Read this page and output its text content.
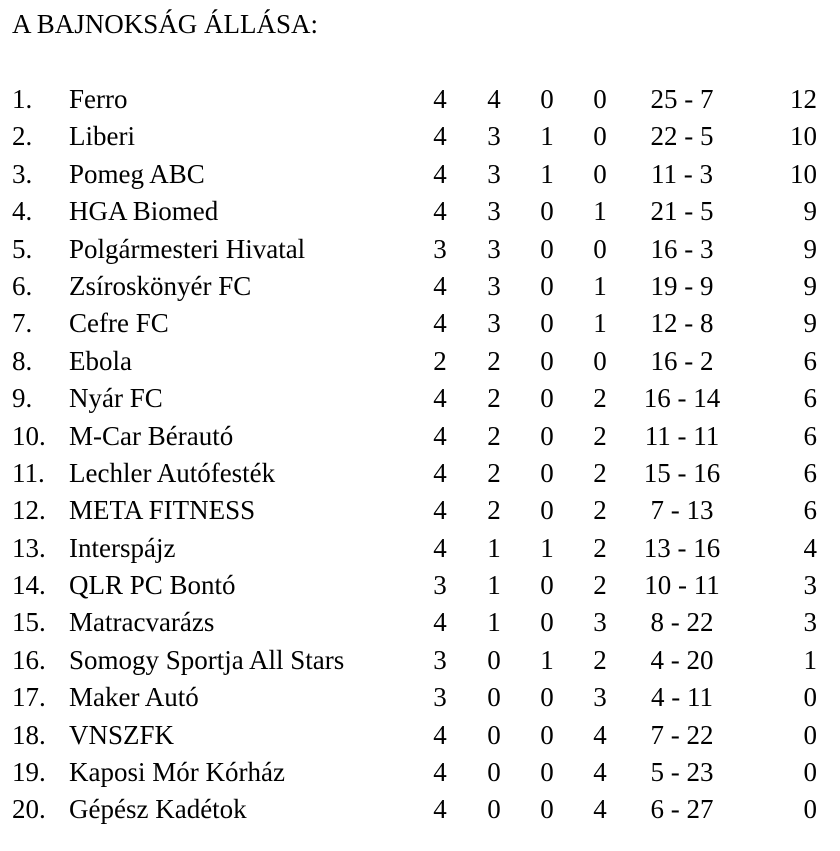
A BAJNOKSÁG ÁLLÁSA:
1. Ferro	4	4	0	0	25 - 7	12
2. Liberi	4	3	1	0	22 - 5	10
3. Pomeg ABC	4	3	1	0	11 - 3	10
4. HGA Biomed	4	3	0	1	21 - 5	9
5. Polgármesteri Hivatal	3	3	0	0	16 - 3	9
6. Zsíroskönyér FC	4	3	0	1	19 - 9	9
7. Cefre FC	4	3	0	1	12 - 8	9
8. Ebola	2	2	0	0	16 - 2	6
9. Nyár FC	4	2	0	2	16 - 14	6
10. M-Car Bérautó	4	2	0	2	11 - 11	6
11. Lechler Autófesték	4	2	0	2	15 - 16	6
12. META FITNESS	4	2	0	2	7 - 13	6
13. Interspájz	4	1	1	2	13 - 16	4
14. QLR PC Bontó	3	1	0	2	10 - 11	3
15. Matracvarázs	4	1	0	3	8 - 22	3
16. Somogy Sportja All Stars	3	0	1	2	4 - 20	1
17. Maker Autó	3	0	0	3	4 - 11	0
18. VNSZFK	4	0	0	4	7 - 22	0
19. Kaposi Mór Kórház	4	0	0	4	5 - 23	0
20. Gépész Kadétok	4	0	0	4	6 - 27	0
